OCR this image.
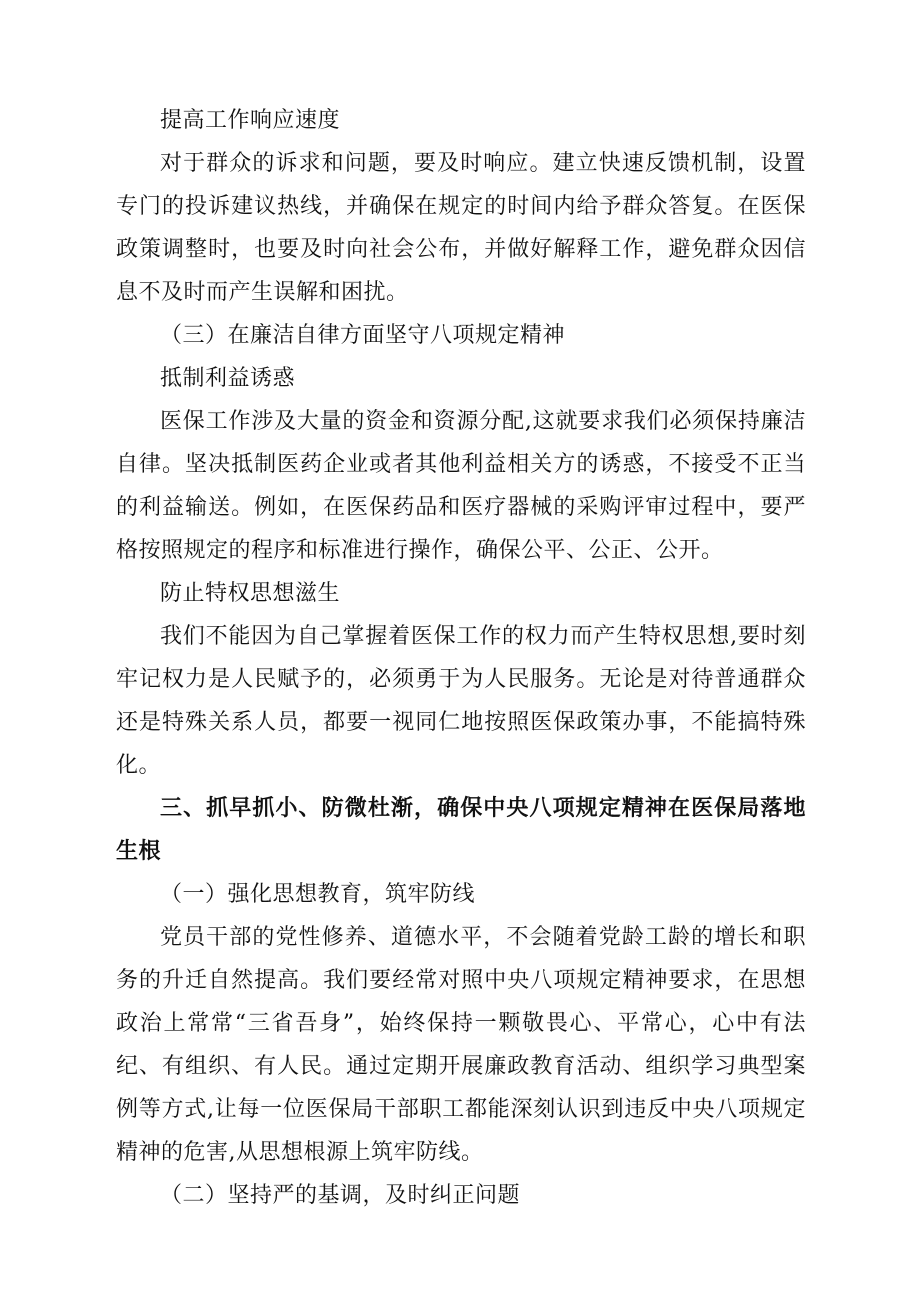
提高工作响应速度

对于群众的诉求和问题，要及时响应。建立快速反馈机制，设置专门的投诉建议热线，并确保在规定的时间内给予群众答复。在医保政策调整时，也要及时向社会公布，并做好解释工作，避免群众因信息不及时而产生误解和困扰。

（三）在廉洁自律方面坚守八项规定精神

抵制利益诱惑

医保工作涉及大量的资金和资源分配,这就要求我们必须保持廉洁自律。坚决抵制医药企业或者其他利益相关方的诱惑，不接受不正当的利益输送。例如，在医保药品和医疗器械的采购评审过程中，要严格按照规定的程序和标准进行操作，确保公平、公正、公开。

防止特权思想滋生

我们不能因为自己掌握着医保工作的权力而产生特权思想,要时刻牢记权力是人民赋予的，必须勇于为人民服务。无论是对待普通群众还是特殊关系人员，都要一视同仁地按照医保政策办事，不能搞特殊化。

三、抓早抓小、防微杜渐，确保中央八项规定精神在医保局落地生根

（一）强化思想教育，筑牢防线

党员干部的党性修养、道德水平，不会随着党龄工龄的增长和职务的升迁自然提高。我们要经常对照中央八项规定精神要求，在思想政治上常常“三省吾身”，始终保持一颗敬畏心、平常心，心中有法纪、有组织、有人民。通过定期开展廉政教育活动、组织学习典型案例等方式,让每一位医保局干部职工都能深刻认识到违反中央八项规定精神的危害,从思想根源上筑牢防线。

（二）坚持严的基调，及时纠正问题
